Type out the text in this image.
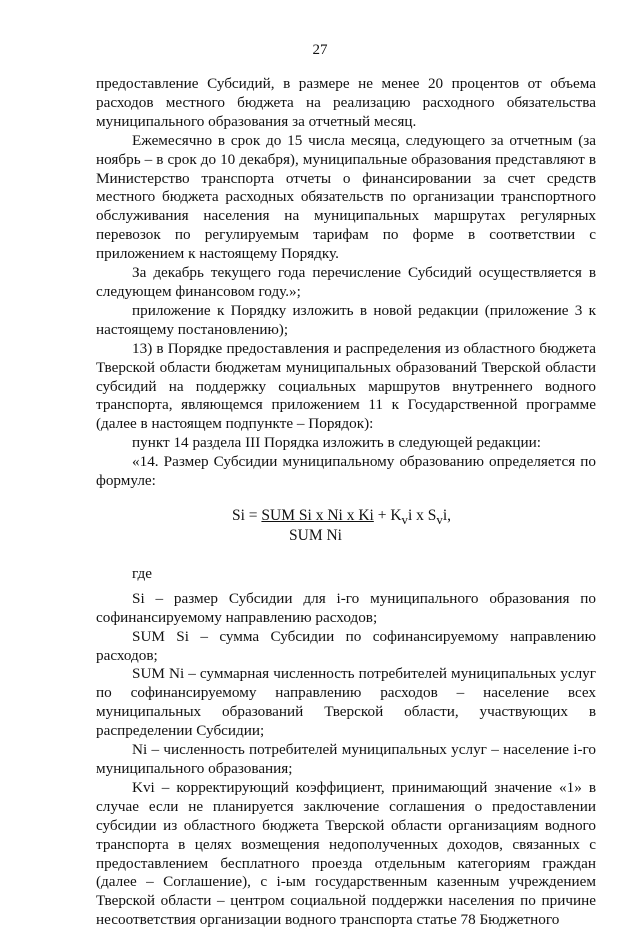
27

предоставление Субсидий, в размере не менее 20 процентов от объема расходов местного бюджета на реализацию расходного обязательства муниципального образования за отчетный месяц.

Ежемесячно в срок до 15 числа месяца, следующего за отчетным (за ноябрь – в срок до 10 декабря), муниципальные образования представляют в Министерство транспорта отчеты о финансировании за счет средств местного бюджета расходных обязательств по организации транспортного обслуживания населения на муниципальных маршрутах регулярных перевозок по регулируемым тарифам по форме в соответствии с приложением к настоящему Порядку.

За декабрь текущего года перечисление Субсидий осуществляется в следующем финансовом году.»;

приложение к Порядку изложить в новой редакции (приложение 3 к настоящему постановлению);

13) в Порядке предоставления и распределения из областного бюджета Тверской области бюджетам муниципальных образований Тверской области субсидий на поддержку социальных маршрутов внутреннего водного транспорта, являющемся приложением 11 к Государственной программе (далее в настоящем подпункте – Порядок):

пункт 14 раздела III Порядка изложить в следующей редакции:

«14. Размер Субсидии муниципальному образованию определяется по формуле:

Si = SUM Si x Ni x $Ki + K_vi$ x $S_vi$,
SUM Ni

где

Si – размер Субсидии для i-го муниципального образования по софинансируемому направлению расходов;

SUM Si – сумма Субсидии по софинансируемому направлению расходов;

SUM Ni – суммарная численность потребителей муниципальных услуг по софинансируемому направлению расходов – население всех муниципальных образований Тверской области, участвующих в распределении Субсидии;

Ni – численность потребителей муниципальных услуг – население i-го муниципального образования;

Kvi – корректирующий коэффициент, принимающий значение «1» в случае если не планируется заключение соглашения о предоставлении субсидии из областного бюджета Тверской области организациям водного транспорта в целях возмещения недополученных доходов, связанных с предоставлением бесплатного проезда отдельным категориям граждан (далее – Соглашение), с i-ым государственным казенным учреждением Тверской области – центром социальной поддержки населения по причине несоответствия организации водного транспорта статье 78 Бюджетного
